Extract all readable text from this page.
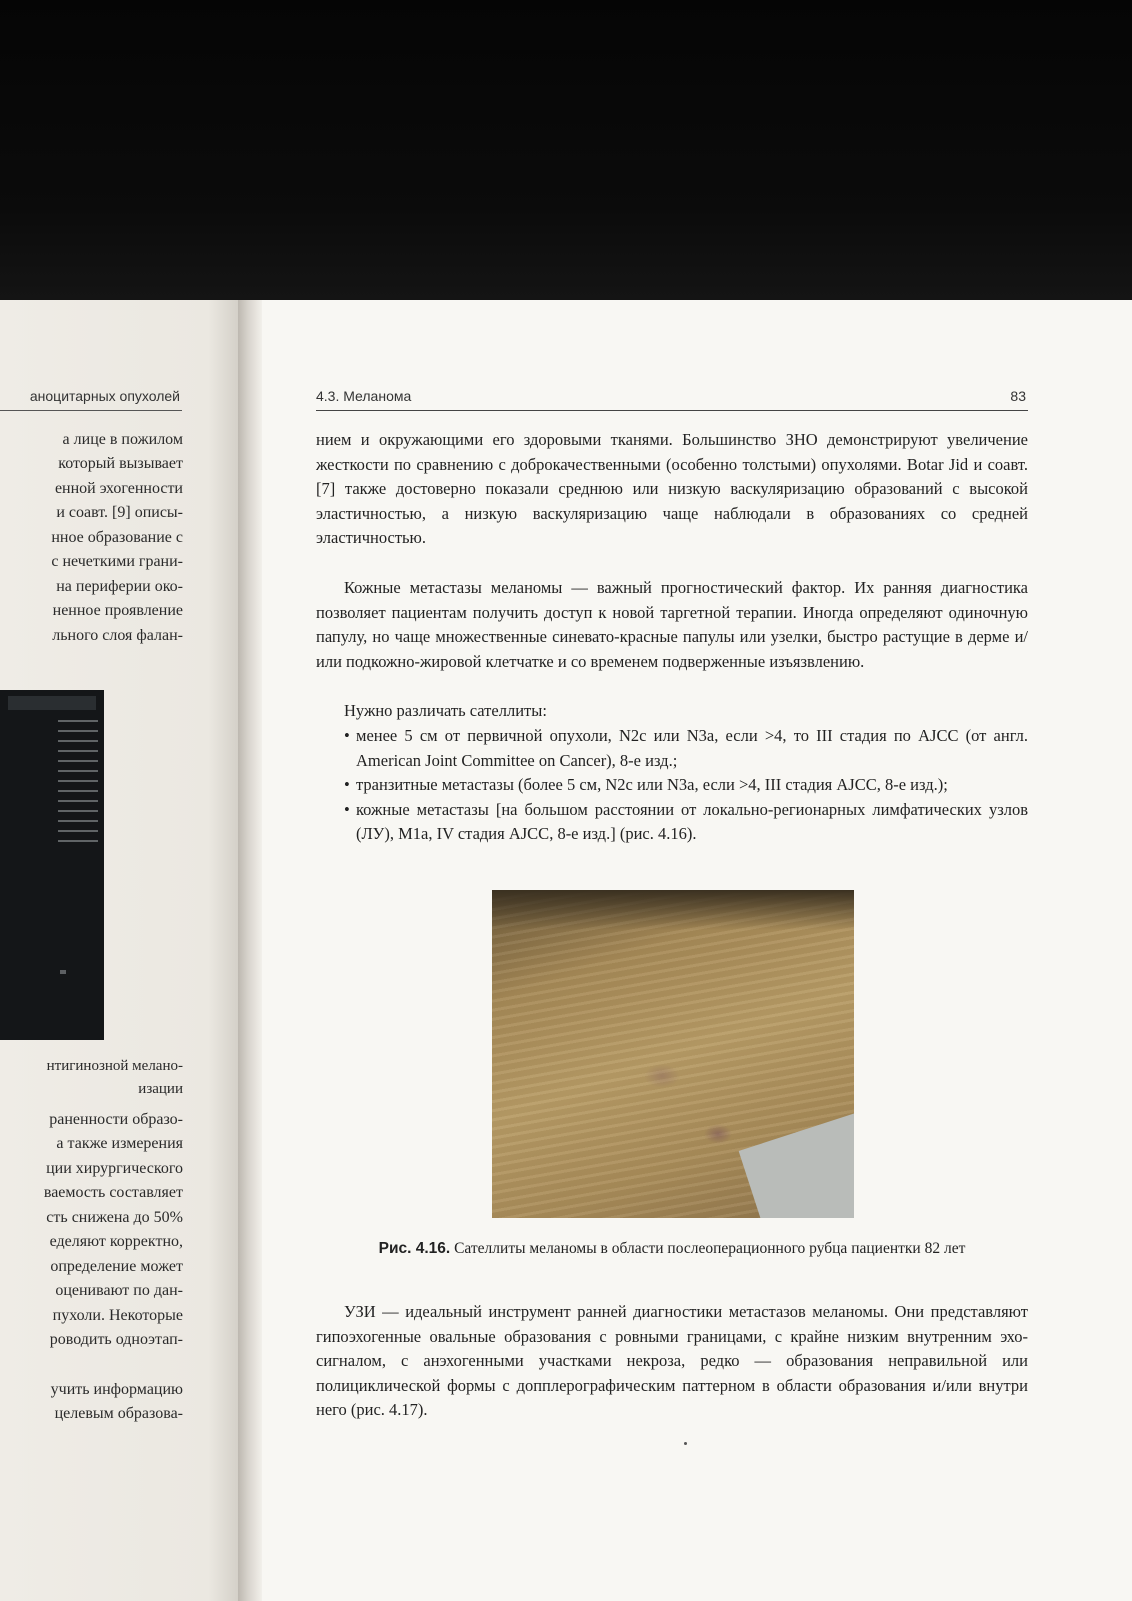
аноцитарных опухолей
а лице в пожилом
который вызывает
енной эхогенности
и соавт. [9] описы-
нное образование с
с нечеткими грани-
на периферии око-
ненное проявление
льного слоя фалан-
нтигинозной мелано-
изации
раненности образо-
а также измерения
ции хирургического
ваемость составляет
сть снижена до 50%
еделяют корректно,
определение может
оценивают по дан-
пухоли. Некоторые
роводить одноэтап-
учить информацию
целевым образова-
4.3. Меланома	83

нием и окружающими его здоровыми тканями. Большинство ЗНО демонстрируют увеличение жесткости по сравнению с доброкачественными (особенно толстыми) опухолями. Botar Jid и соавт. [7] также достоверно показали среднюю или низкую васкуляризацию образований с высокой эластичностью, а низкую васкуляризацию чаще наблюдали в образованиях со средней эластичностью.

Кожные метастазы меланомы — важный прогностический фактор. Их ранняя диагностика позволяет пациентам получить доступ к новой таргетной терапии. Иногда определяют одиночную папулу, но чаще множественные синевато-красные папулы или узелки, быстро растущие в дерме и/или подкожно-жировой клетчатке и со временем подверженные изъязвлению.

Нужно различать сателлиты:

• менее 5 см от первичной опухоли, N2c или N3a, если >4, то III стадия по AJCC (от англ. American Joint Committee on Cancer), 8-е изд.;
• транзитные метастазы (более 5 см, N2c или N3a, если >4, III стадия AJCC, 8-е изд.);
• кожные метастазы [на большом расстоянии от локально-регионарных лимфатических узлов (ЛУ), M1a, IV стадия AJCC, 8-е изд.] (рис. 4.16).
Рис. 4.16. Сателлиты меланомы в области послеоперационного рубца пациентки 82 лет

УЗИ — идеальный инструмент ранней диагностики метастазов меланомы. Они представляют гипоэхогенные овальные образования с ровными границами, с крайне низким внутренним эхо-сигналом, с анэхогенными участками некроза, редко — образования неправильной или полициклической формы с допплерографическим паттерном в области образования и/или внутри него (рис. 4.17).
